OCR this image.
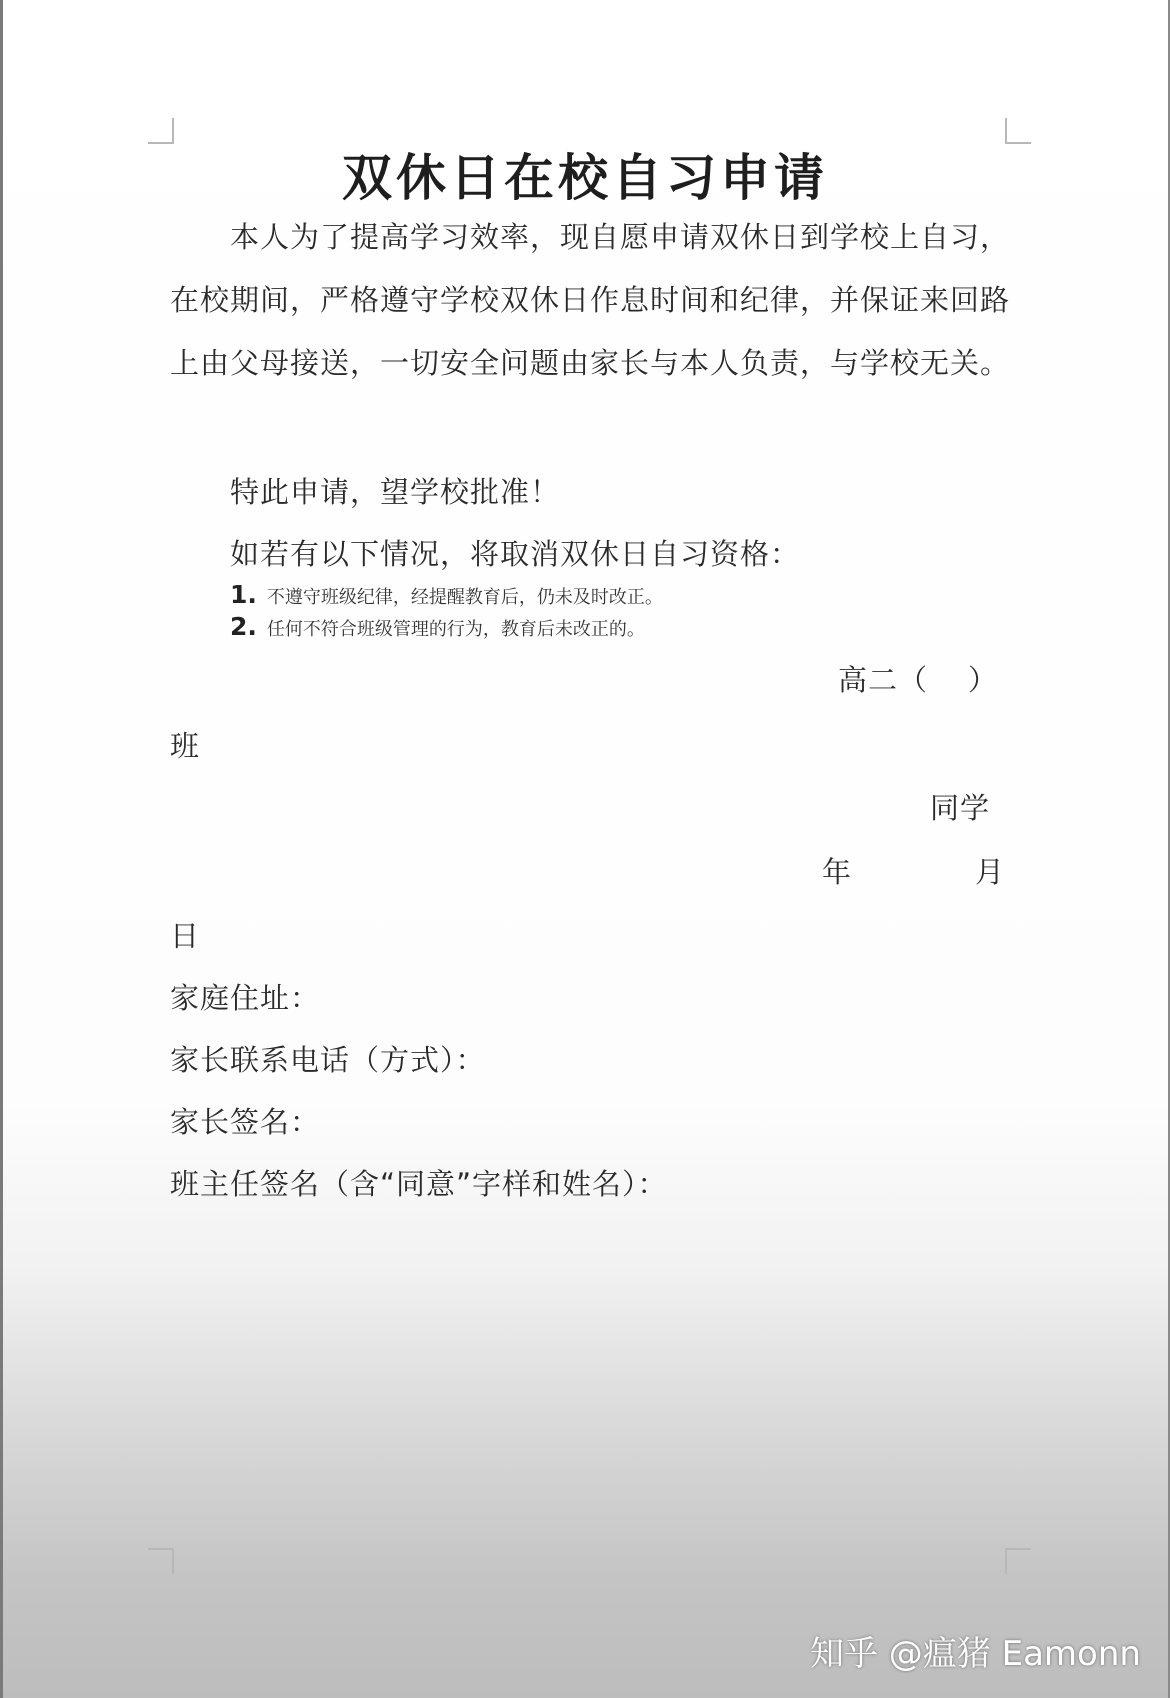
双休日在校自习申请
本人为了提高学习效率，现自愿申请双休日到学校上自习，在校期间，严格遵守学校双休日作息时间和纪律，并保证来回路上由父母接送，一切安全问题由家长与本人负责，与学校无关。
特此申请，望学校批准！
如若有以下情况，将取消双休日自习资格：
1. 不遵守班级纪律，经提醒教育后，仍未及时改正。
2. 任何不符合班级管理的行为，教育后未改正的。
高二（ ）
班
同学
年	月
日
家庭住址：
家长联系电话（方式）：
家长签名：
班主任签名（含“同意”字样和姓名）：
知乎 @瘟猪 Eamonn
